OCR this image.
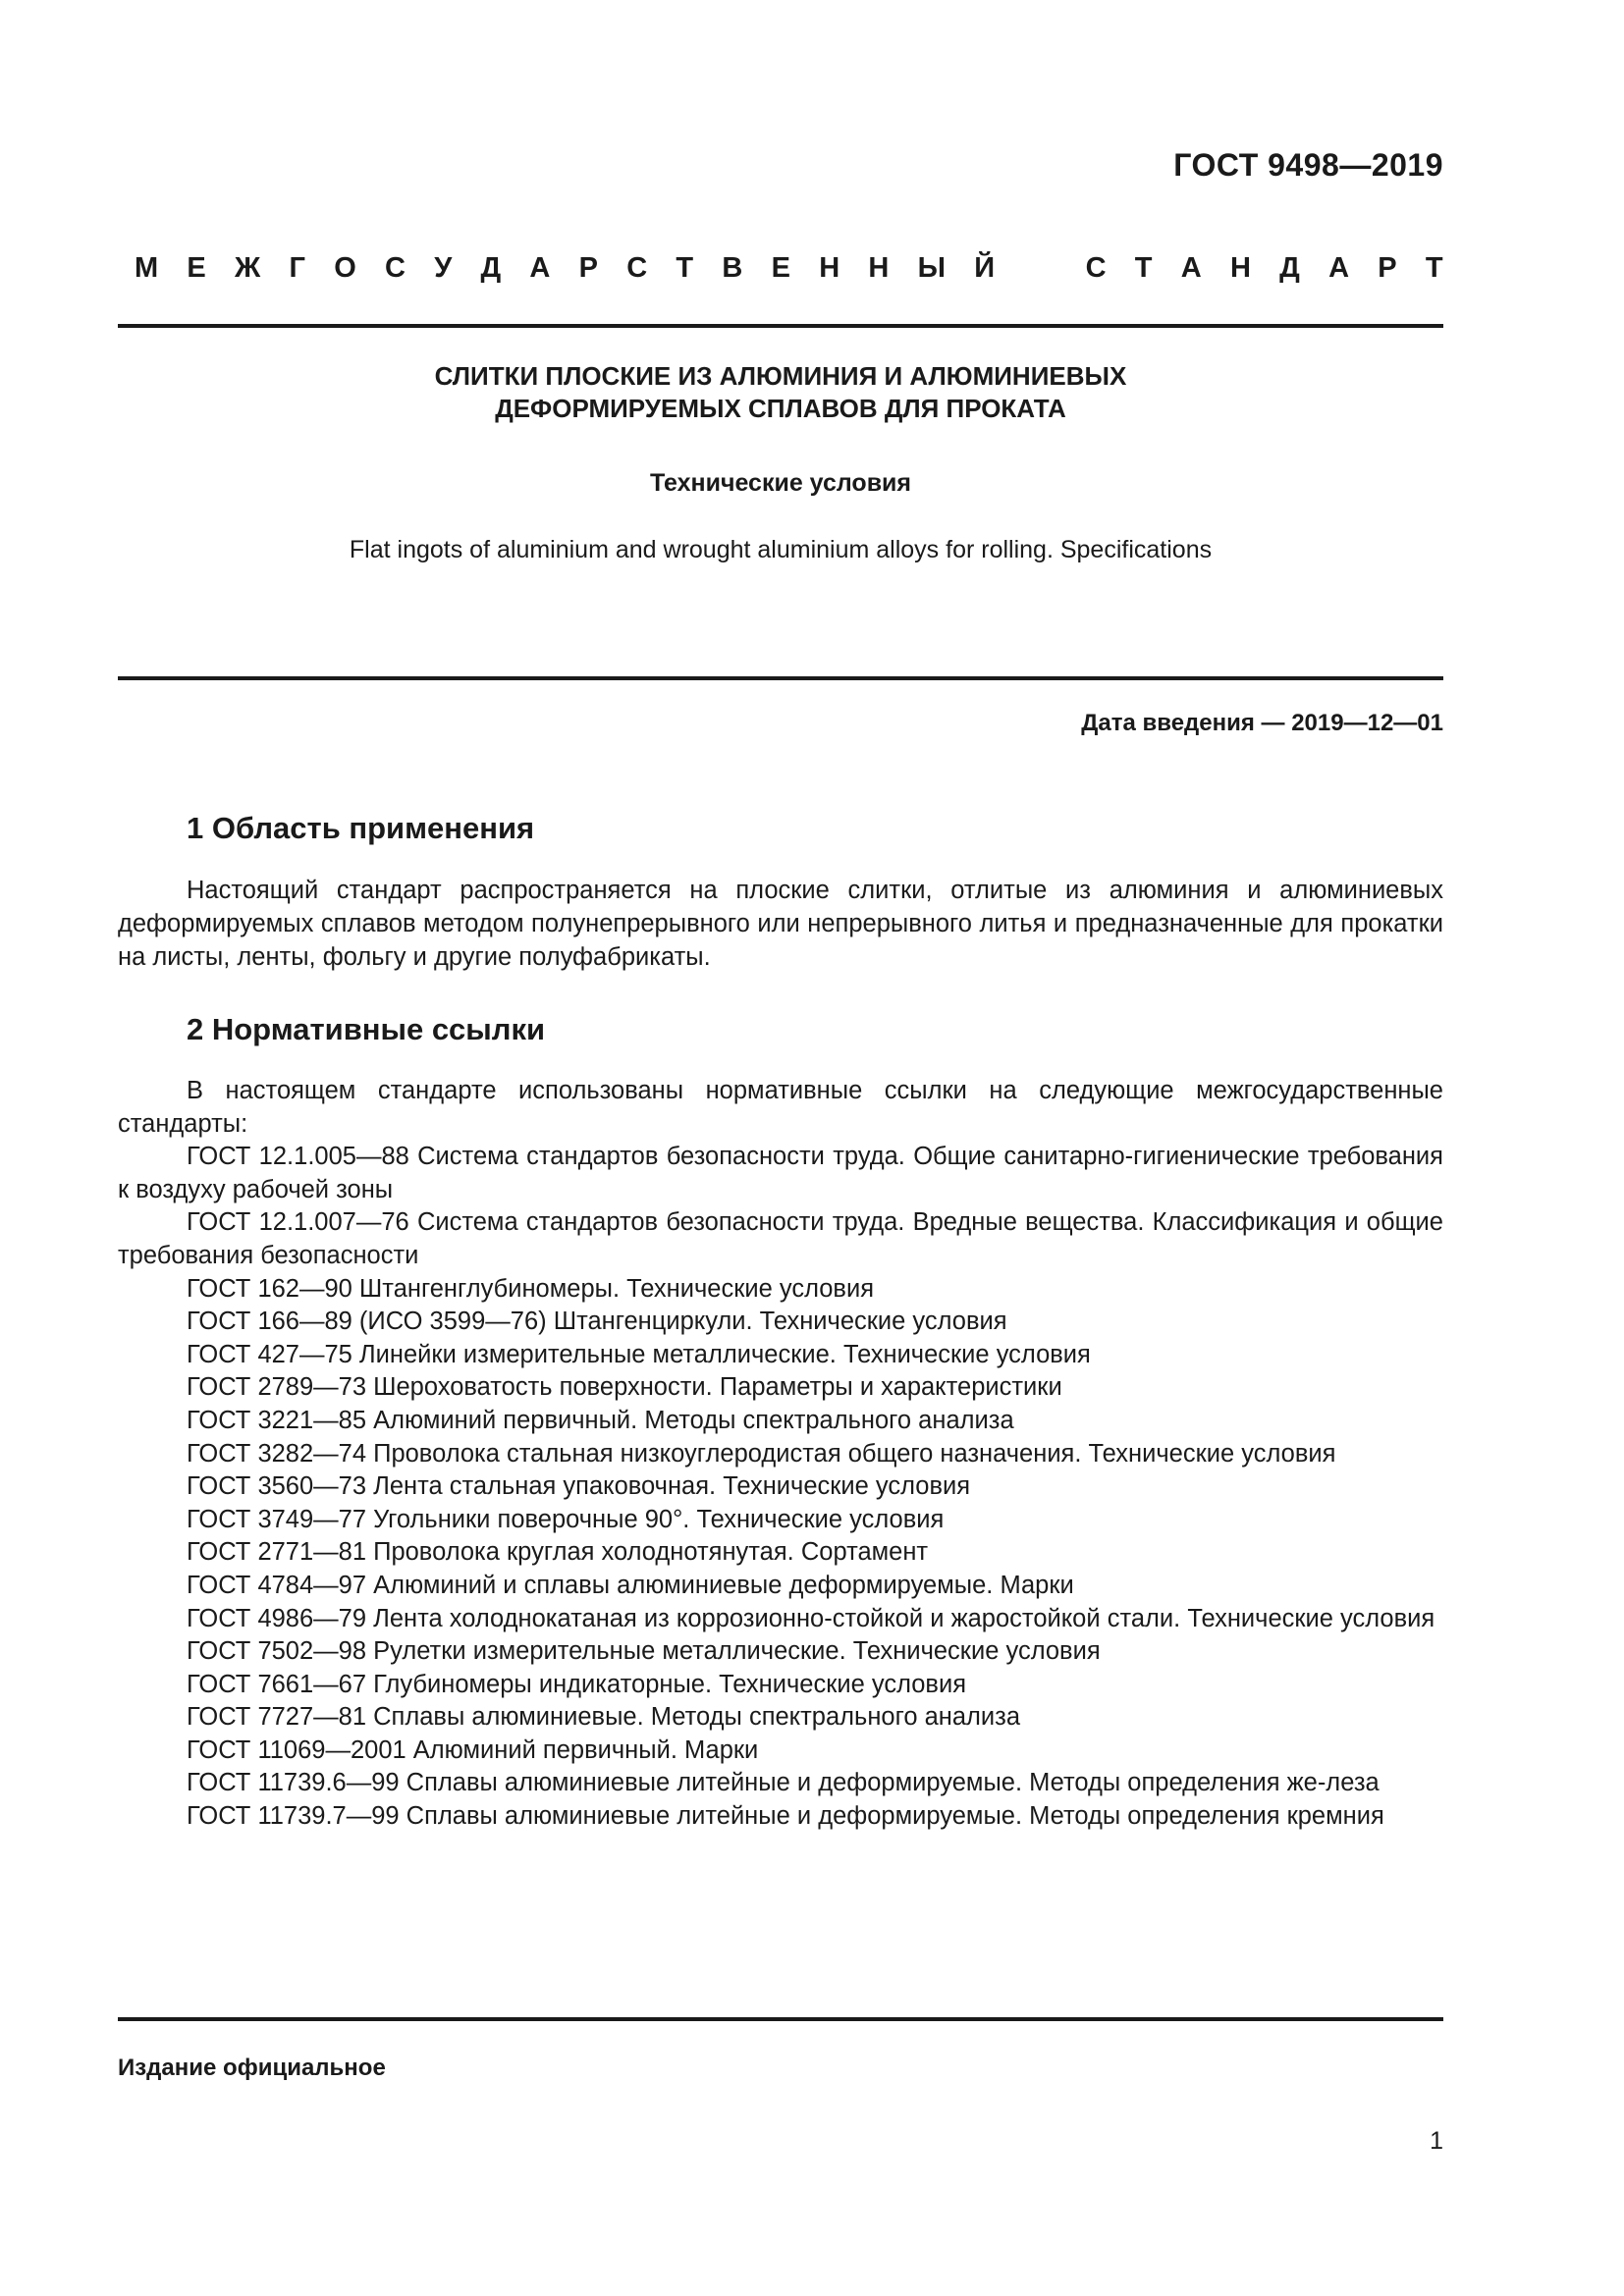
ГОСТ 9498—2019
М Е Ж Г О С У Д А Р С Т В Е Н Н Ы Й	С Т А Н Д А Р Т
СЛИТКИ ПЛОСКИЕ ИЗ АЛЮМИНИЯ И АЛЮМИНИЕВЫХ
ДЕФОРМИРУЕМЫХ СПЛАВОВ ДЛЯ ПРОКАТА
Технические условия
Flat ingots of aluminium and wrought aluminium alloys for rolling. Specifications
Дата введения — 2019—12—01
1 Область применения

Настоящий стандарт распространяется на плоские слитки, отлитые из алюминия и алюминиевых деформируемых сплавов методом полунепрерывного или непрерывного литья и предназначенные для прокатки на листы, ленты, фольгу и другие полуфабрикаты.

2 Нормативные ссылки

В настоящем стандарте использованы нормативные ссылки на следующие межгосударственные стандарты:

ГОСТ 12.1.005—88 Система стандартов безопасности труда. Общие санитарно-гигиенические требования к воздуху рабочей зоны

ГОСТ 12.1.007—76 Система стандартов безопасности труда. Вредные вещества. Классификация и общие требования безопасности

ГОСТ 162—90 Штангенглубиномеры. Технические условия

ГОСТ 166—89 (ИСО 3599—76) Штангенциркули. Технические условия

ГОСТ 427—75 Линейки измерительные металлические. Технические условия

ГОСТ 2789—73 Шероховатость поверхности. Параметры и характеристики

ГОСТ 3221—85 Алюминий первичный. Методы спектрального анализа

ГОСТ 3282—74 Проволока стальная низкоуглеродистая общего назначения. Технические условия

ГОСТ 3560—73 Лента стальная упаковочная. Технические условия

ГОСТ 3749—77 Угольники поверочные 90°. Технические условия

ГОСТ 2771—81 Проволока круглая холоднотянутая. Сортамент

ГОСТ 4784—97 Алюминий и сплавы алюминиевые деформируемые. Марки

ГОСТ 4986—79 Лента холоднокатаная из коррозионно-стойкой и жаростойкой стали. Технические условия

ГОСТ 7502—98 Рулетки измерительные металлические. Технические условия

ГОСТ 7661—67 Глубиномеры индикаторные. Технические условия

ГОСТ 7727—81 Сплавы алюминиевые. Методы спектрального анализа

ГОСТ 11069—2001 Алюминий первичный. Марки

ГОСТ 11739.6—99 Сплавы алюминиевые литейные и деформируемые. Методы определения же-леза

ГОСТ 11739.7—99 Сплавы алюминиевые литейные и деформируемые. Методы определения кремния

Издание официальное
1
